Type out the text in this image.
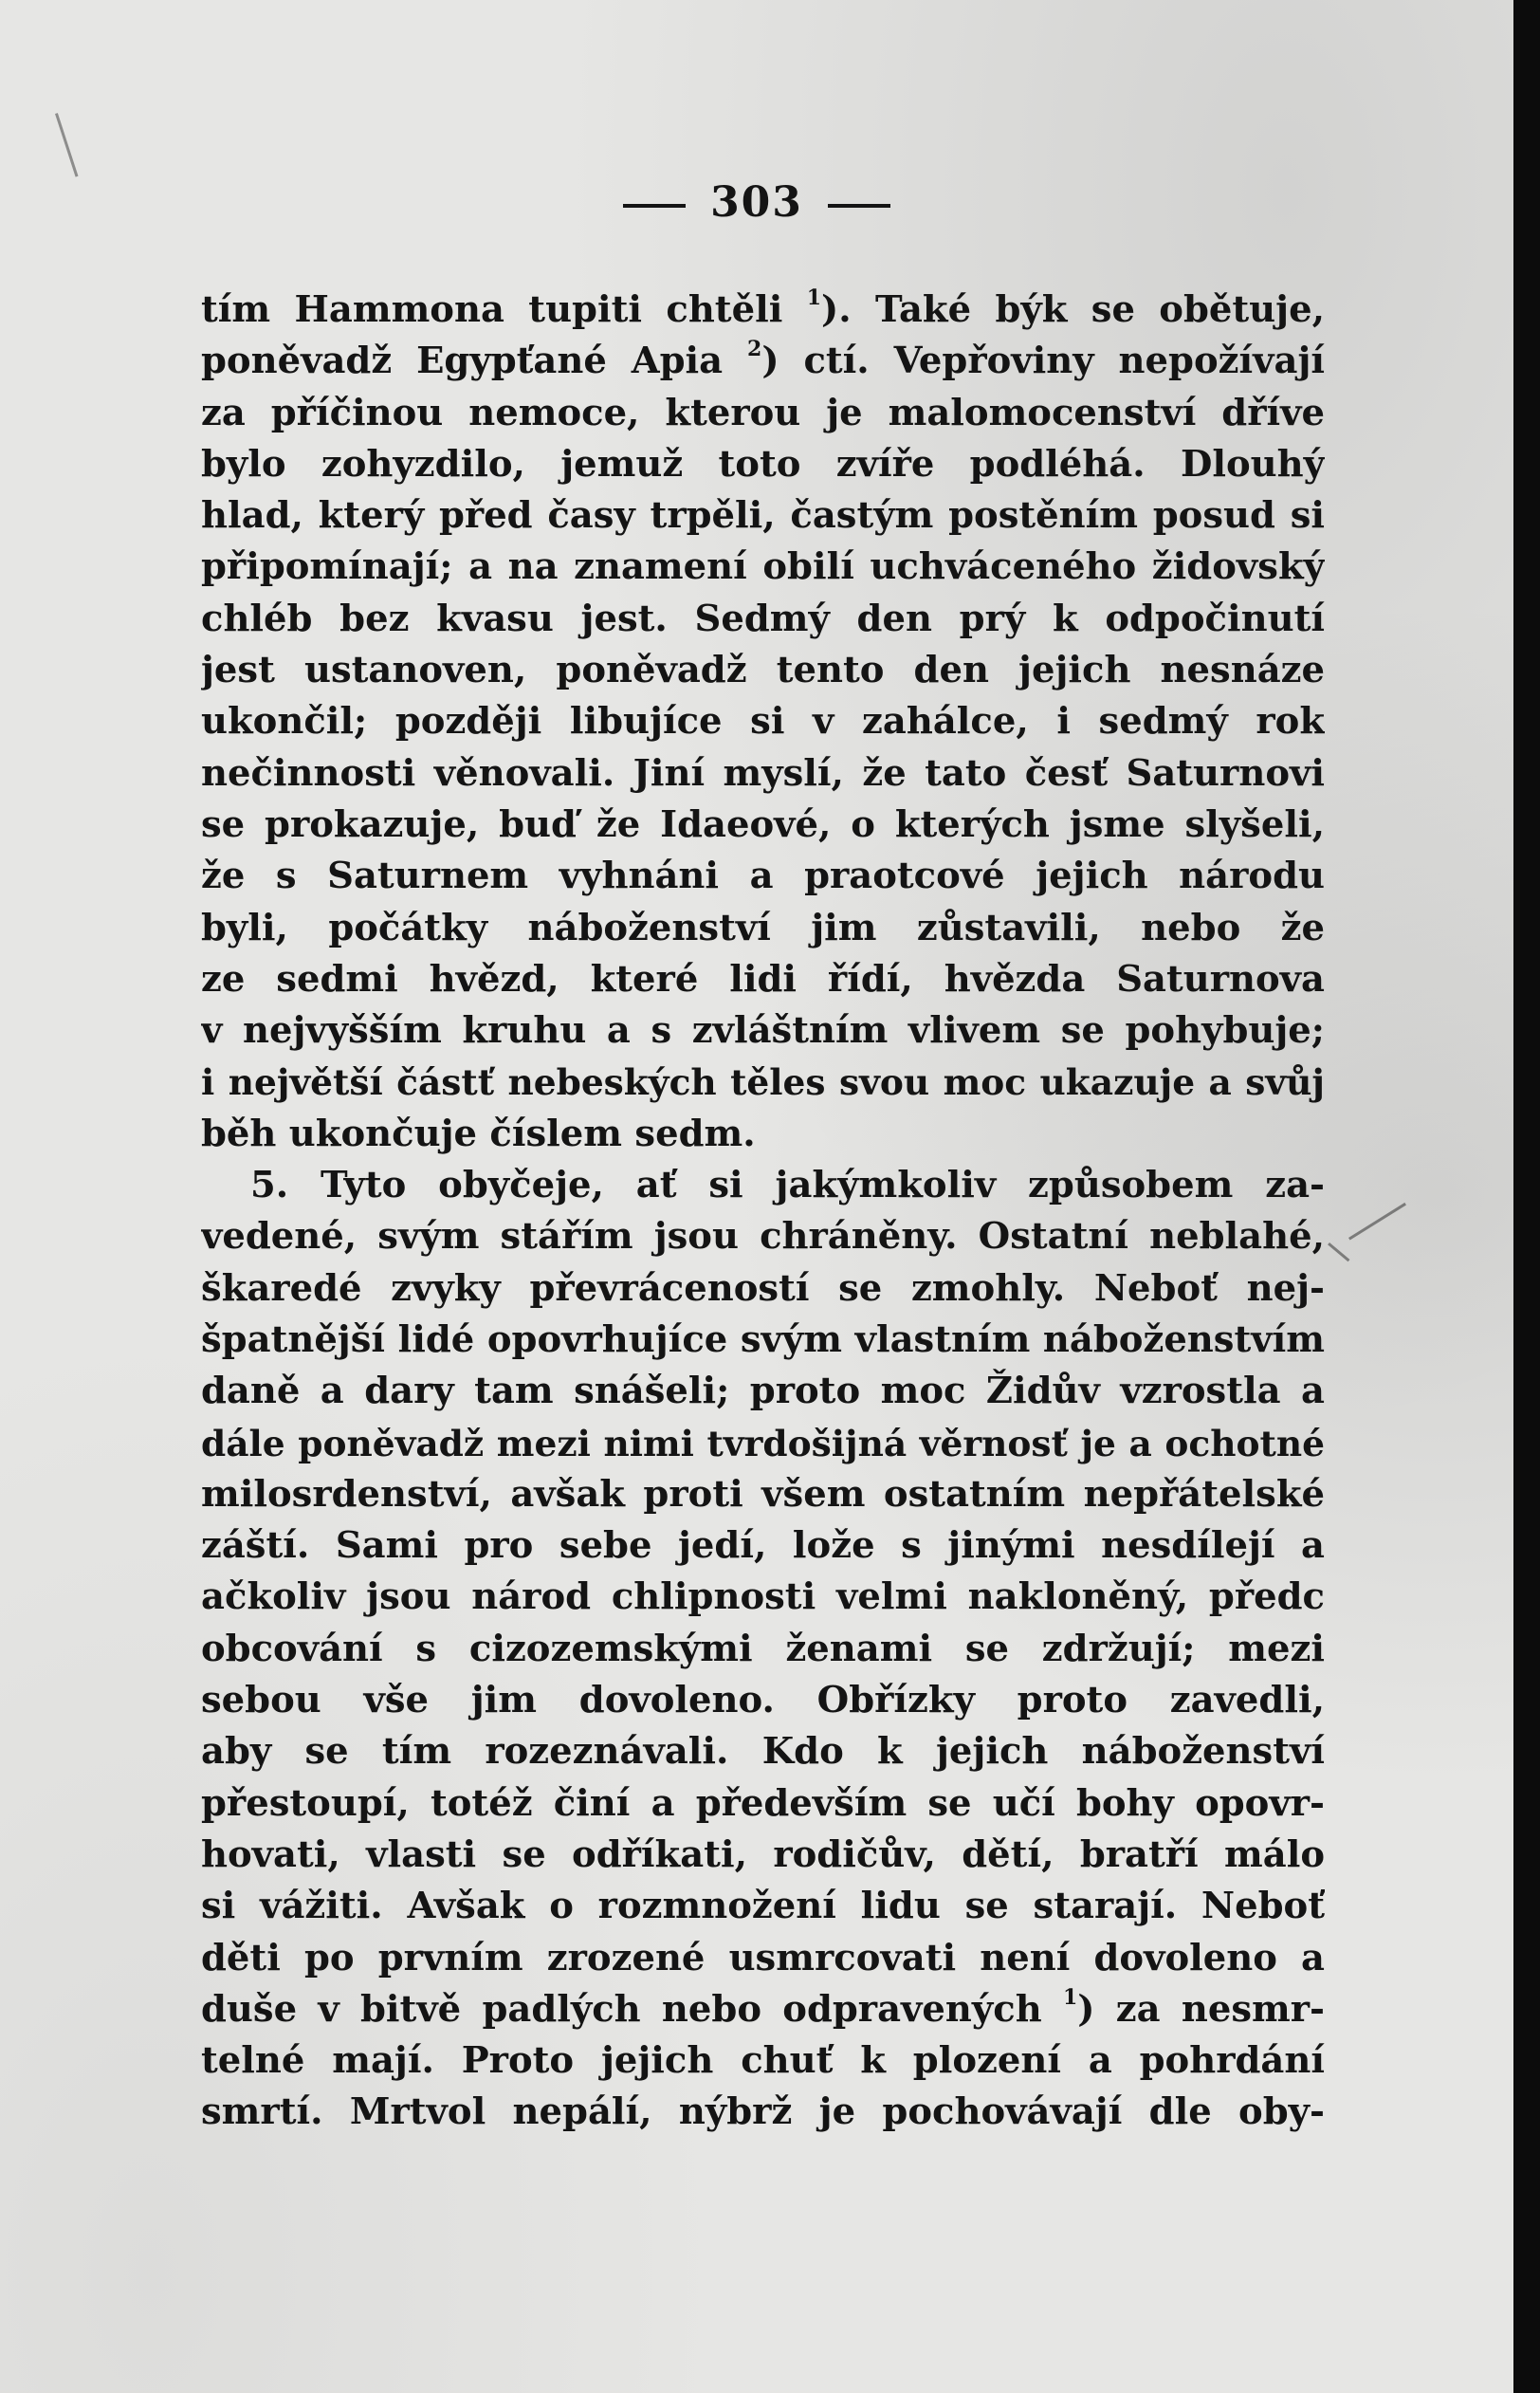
303
tím Hammona tupiti chtěli $^1$). Také býk se obětuje,
poněvadž Egypťané Apia $^2$) ctí. Vepřoviny nepožívají
za příčinou nemoce, kterou je malomocenství dříve
bylo zohyzdilo, jemuž toto zvíře podléhá. Dlouhý
hlad, který před časy trpěli, častým postěním posud si
připomínají; a na znamení obilí uchváceného židovský
chléb bez kvasu jest. Sedmý den prý k odpočinutí
jest ustanoven, poněvadž tento den jejich nesnáze
ukončil; později libujíce si v zahálce, i sedmý rok
nečinnosti věnovali. Jiní myslí, že tato česť Saturnovi
se prokazuje, buď že Idaeové, o kterých jsme slyšeli,
že s Saturnem vyhnáni a praotcové jejich národu
byli, počátky náboženství jim zůstavili, nebo že
ze sedmi hvězd, které lidi řídí, hvězda Saturnova
v nejvyšším kruhu a s zvláštním vlivem se pohybuje;
i největší částť nebeských těles svou moc ukazuje a svůj
běh ukončuje číslem sedm.
5. Tyto obyčeje, ať si jakýmkoliv způsobem za-
vedené, svým stářím jsou chráněny. Ostatní neblahé,
škaredé zvyky převráceností se zmohly. Neboť nej-
špatnější lidé opovrhujíce svým vlastním náboženstvím
daně a dary tam snášeli; proto moc Židův vzrostla a
dále poněvadž mezi nimi tvrdošijná věrnosť je a ochotné
milosrdenství, avšak proti všem ostatním nepřátelské
záští. Sami pro sebe jedí, lože s jinými nesdílejí a
ačkoliv jsou národ chlipnosti velmi nakloněný, předc
obcování s cizozemskými ženami se zdržují; mezi
sebou vše jim dovoleno. Obřízky proto zavedli,
aby se tím rozeznávali. Kdo k jejich náboženství
přestoupí, totéž činí a především se učí bohy opovr-
hovati, vlasti se odříkati, rodičův, dětí, bratří málo
si vážiti. Avšak o rozmnožení lidu se starají. Neboť
děti po prvním zrozené usmrcovati není dovoleno a
duše v bitvě padlých nebo odpravených $^1$) za nesmr-
telné mají. Proto jejich chuť k plození a pohrdání
smrtí. Mrtvol nepálí, nýbrž je pochovávají dle oby-
